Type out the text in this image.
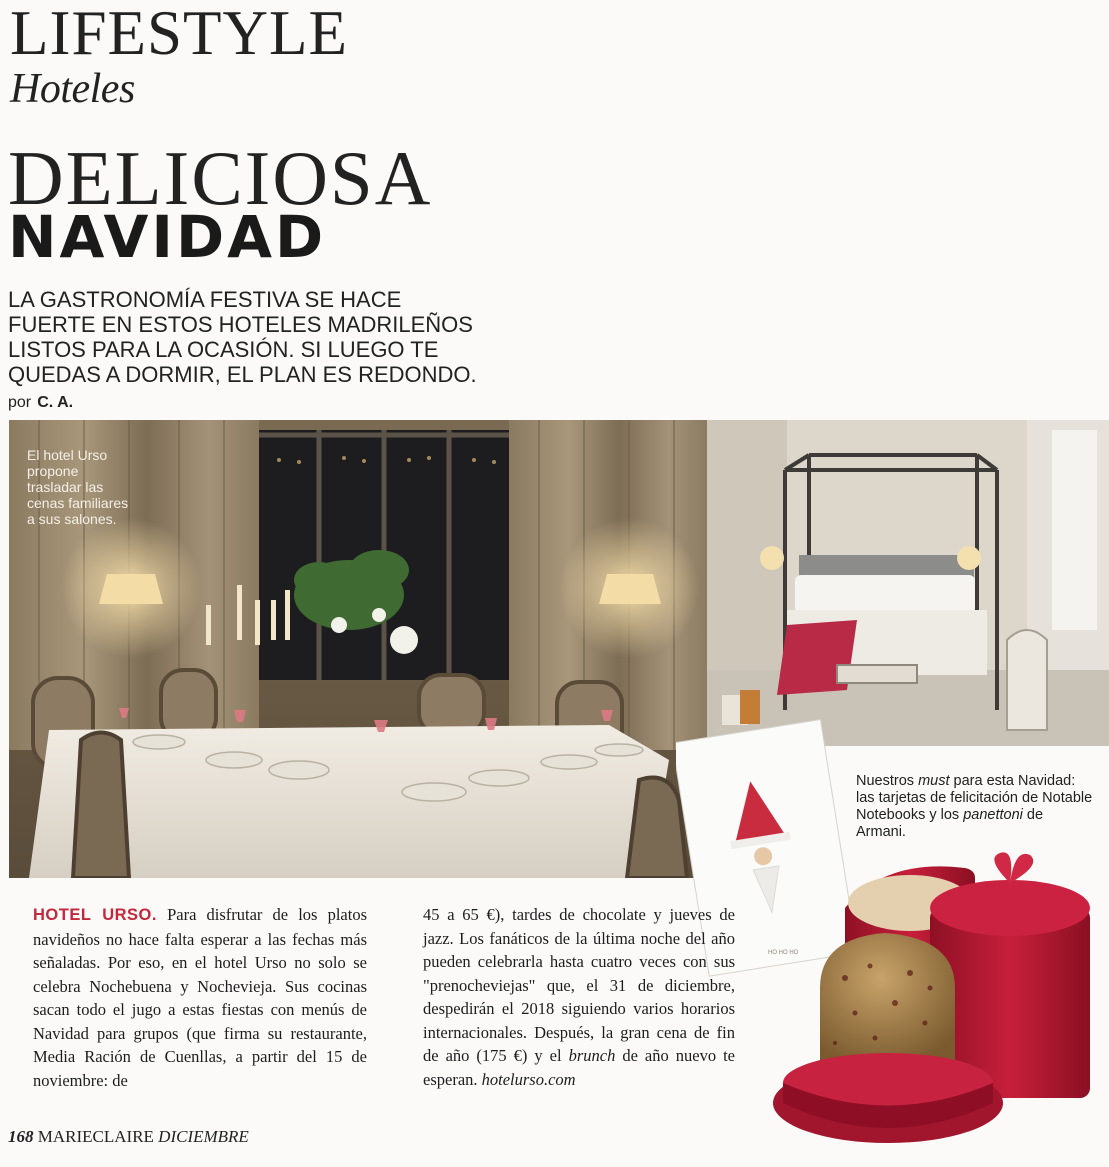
LIFESTYLE
Hoteles
DELICIOSA
NAVIDAD
LA GASTRONOMÍA FESTIVA SE HACE FUERTE EN ESTOS HOTELES MADRILEÑOS LISTOS PARA LA OCASIÓN. SI LUEGO TE QUEDAS A DORMIR, EL PLAN ES REDONDO. por C. A.
El hotel Urso propone trasladar las cenas familiares a sus salones.
HO HO HO
Nuestros must para esta Navidad: las tarjetas de felicitación de Notable Notebooks y los panettoni de Armani.
HOTEL URSO. Para disfrutar de los platos navideños no hace falta esperar a las fechas más señaladas. Por eso, en el hotel Urso no solo se celebra Nochebuena y Nochevieja. Sus cocinas sacan todo el jugo a estas fiestas con menús de Navidad para grupos (que firma su restaurante, Media Ración de Cuenllas, a partir del 15 de noviembre: de
45 a 65 €), tardes de chocolate y jueves de jazz. Los fanáticos de la última noche del año pueden celebrarla hasta cuatro veces con sus "prenocheviejas" que, el 31 de diciembre, despedirán el 2018 siguiendo varios horarios internacionales. Después, la gran cena de fin de año (175 €) y el brunch de año nuevo te esperan. hotelurso.com
168 MARIECLAIRE DICIEMBRE
